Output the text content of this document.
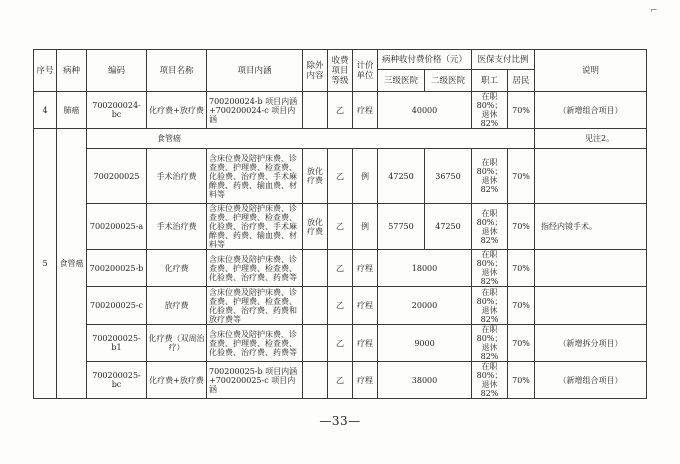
⌐
序号	病种	编码	项目名称	项目内涵	除外内容	收费项目等级	计价单位	病种收付费价格（元）		医保支付比例		说明
								三级医院	二级医院	职工	居民	
4	肺癌	700200024-bc	化疗费+放疗费	700200024-b 项目内涵+700200024-c 项目内涵		乙	疗程	40000		在职80%；退休82%	70%	（新增组合项目）
5	食管癌	食管癌										见注2。
		700200025	手术治疗费	含床位费及陪护床费、诊查费、护理费、检查费、化验费、治疗费、手术麻醉费、药费、输血费、材料等	放化疗费	乙	例	47250	36750	在职80%；退休82%	70%	
		700200025-a	手术治疗费	含床位费及陪护床费、诊查费、护理费、检查费、化验费、治疗费、手术麻醉费、药费、输血费、材料等	放化疗费	乙	例	57750	47250	在职80%；退休82%	70%	指经内镜手术。
		700200025-b	化疗费	含床位费及陪护床费、诊查费、护理费、检查费、化验费、治疗费、药费等		乙	疗程	18000		在职80%；退休82%	70%	
		700200025-c	放疗费	含床位费及陪护床费、诊查费、护理费、检查费、化验费、治疗费、药费和放疗费等		乙	疗程	20000		在职80%；退休82%	70%	
		700200025-b1	化疗费（双周治疗）	含床位费及陪护床费、诊查费、护理费、检查费、化验费、治疗费、药费等		乙	疗程	9000		在职80%；退休82%	70%	（新增拆分项目）
		700200025-bc	化疗费+放疗费	700200025-b 项目内涵+700200025-c 项目内涵		乙	疗程	38000		在职80%；退休82%	70%	（新增组合项目）
—33—
